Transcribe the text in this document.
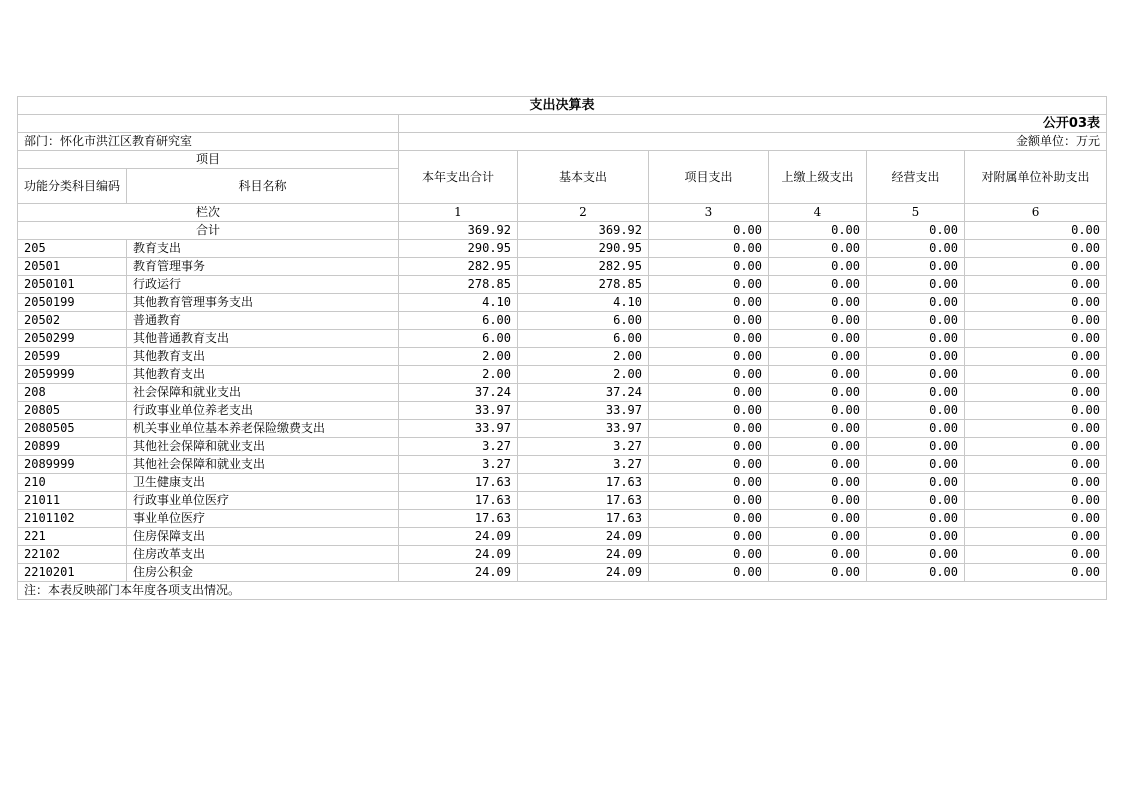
支出决算表							
		公开03表					
部门：怀化市洪江区教育研究室		金额单位：万元					
项目		本年支出合计	基本支出	项目支出	上缴上级支出	经营支出	对附属单位补助支出
功能分类科目编码	科目名称						

栏次		1	2	3	4	5	6
合计		369.92	369.92	0.00	0.00	0.00	0.00
205	教育支出	290.95	290.95	0.00	0.00	0.00	0.00
20501	教育管理事务	282.95	282.95	0.00	0.00	0.00	0.00
2050101	行政运行	278.85	278.85	0.00	0.00	0.00	0.00
2050199	其他教育管理事务支出	4.10	4.10	0.00	0.00	0.00	0.00
20502	普通教育	6.00	6.00	0.00	0.00	0.00	0.00
2050299	其他普通教育支出	6.00	6.00	0.00	0.00	0.00	0.00
20599	其他教育支出	2.00	2.00	0.00	0.00	0.00	0.00
2059999	其他教育支出	2.00	2.00	0.00	0.00	0.00	0.00
208	社会保障和就业支出	37.24	37.24	0.00	0.00	0.00	0.00
20805	行政事业单位养老支出	33.97	33.97	0.00	0.00	0.00	0.00
2080505	机关事业单位基本养老保险缴费支出	33.97	33.97	0.00	0.00	0.00	0.00
20899	其他社会保障和就业支出	3.27	3.27	0.00	0.00	0.00	0.00
2089999	其他社会保障和就业支出	3.27	3.27	0.00	0.00	0.00	0.00
210	卫生健康支出	17.63	17.63	0.00	0.00	0.00	0.00
21011	行政事业单位医疗	17.63	17.63	0.00	0.00	0.00	0.00
2101102	事业单位医疗	17.63	17.63	0.00	0.00	0.00	0.00
221	住房保障支出	24.09	24.09	0.00	0.00	0.00	0.00
22102	住房改革支出	24.09	24.09	0.00	0.00	0.00	0.00
2210201	住房公积金	24.09	24.09	0.00	0.00	0.00	0.00
注：本表反映部门本年度各项支出情况。							
